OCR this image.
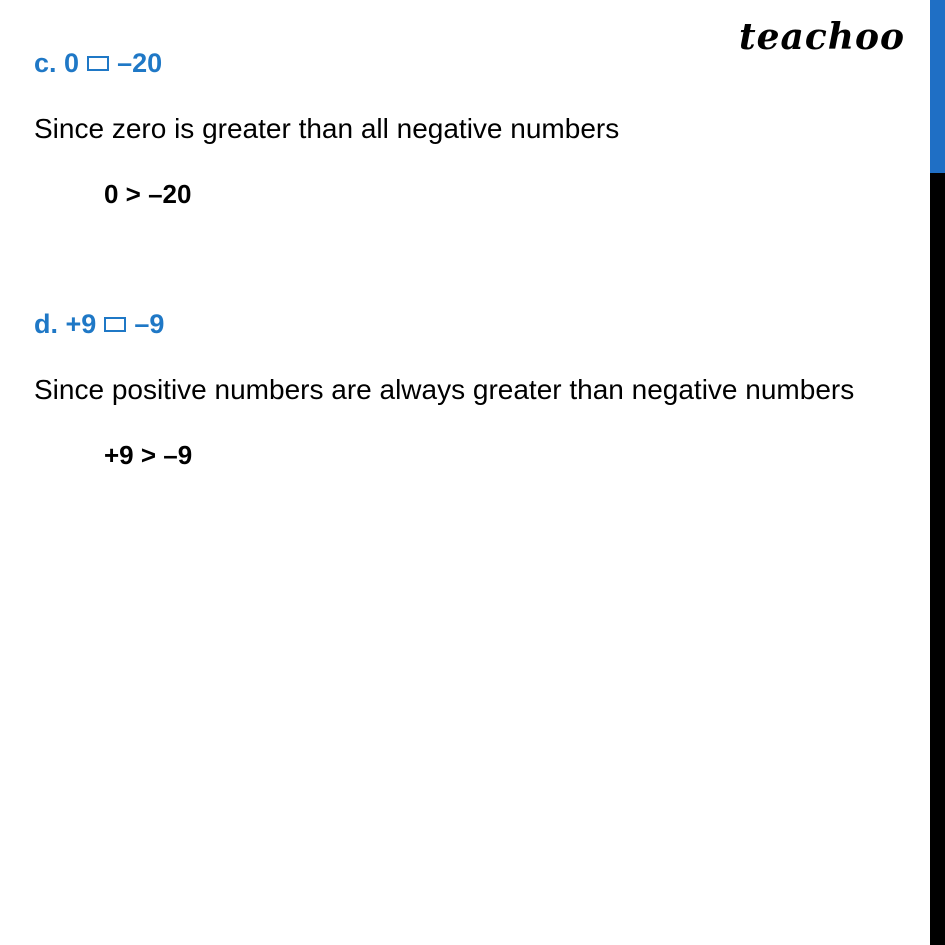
teachoo
c.
0 –20
Since zero is greater than all negative numbers
0 > –20
d.
+9 –9
Since positive numbers are always greater than negative numbers
+9 > –9
